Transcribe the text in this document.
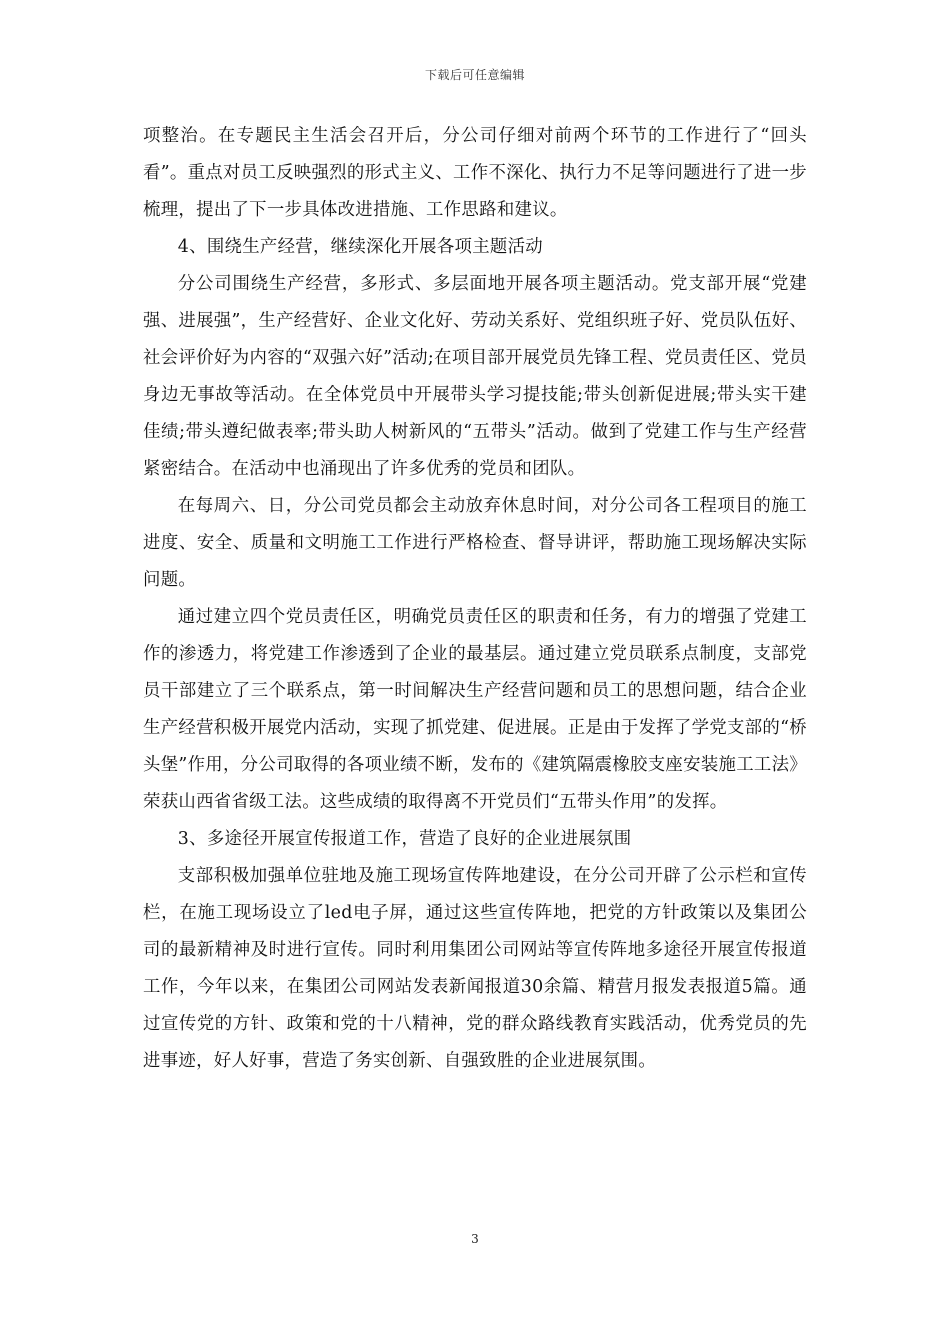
下载后可任意编辑

项整治。在专题民主生活会召开后，分公司仔细对前两个环节的工作进行了“回头看”。重点对员工反映强烈的形式主义、工作不深化、执行力不足等问题进行了进一步梳理，提出了下一步具体改进措施、工作思路和建议。

4、围绕生产经营，继续深化开展各项主题活动

分公司围绕生产经营，多形式、多层面地开展各项主题活动。党支部开展“党建强、进展强”，生产经营好、企业文化好、劳动关系好、党组织班子好、党员队伍好、社会评价好为内容的“双强六好”活动;在项目部开展党员先锋工程、党员责任区、党员身边无事故等活动。在全体党员中开展带头学习提技能;带头创新促进展;带头实干建佳绩;带头遵纪做表率;带头助人树新风的“五带头”活动。做到了党建工作与生产经营紧密结合。在活动中也涌现出了许多优秀的党员和团队。

在每周六、日，分公司党员都会主动放弃休息时间，对分公司各工程项目的施工进度、安全、质量和文明施工工作进行严格检查、督导讲评，帮助施工现场解决实际问题。

通过建立四个党员责任区，明确党员责任区的职责和任务，有力的增强了党建工作的渗透力，将党建工作渗透到了企业的最基层。通过建立党员联系点制度，支部党员干部建立了三个联系点，第一时间解决生产经营问题和员工的思想问题，结合企业生产经营积极开展党内活动，实现了抓党建、促进展。正是由于发挥了学党支部的“桥头堡”作用，分公司取得的各项业绩不断，发布的《建筑隔震橡胶支座安装施工工法》荣获山西省省级工法。这些成绩的取得离不开党员们“五带头作用”的发挥。

3、多途径开展宣传报道工作，营造了良好的企业进展氛围

支部积极加强单位驻地及施工现场宣传阵地建设，在分公司开辟了公示栏和宣传栏，在施工现场设立了led电子屏，通过这些宣传阵地，把党的方针政策以及集团公司的最新精神及时进行宣传。同时利用集团公司网站等宣传阵地多途径开展宣传报道工作，今年以来，在集团公司网站发表新闻报道30余篇、精营月报发表报道5篇。通过宣传党的方针、政策和党的十八精神，党的群众路线教育实践活动，优秀党员的先进事迹，好人好事，营造了务实创新、自强致胜的企业进展氛围。

3
